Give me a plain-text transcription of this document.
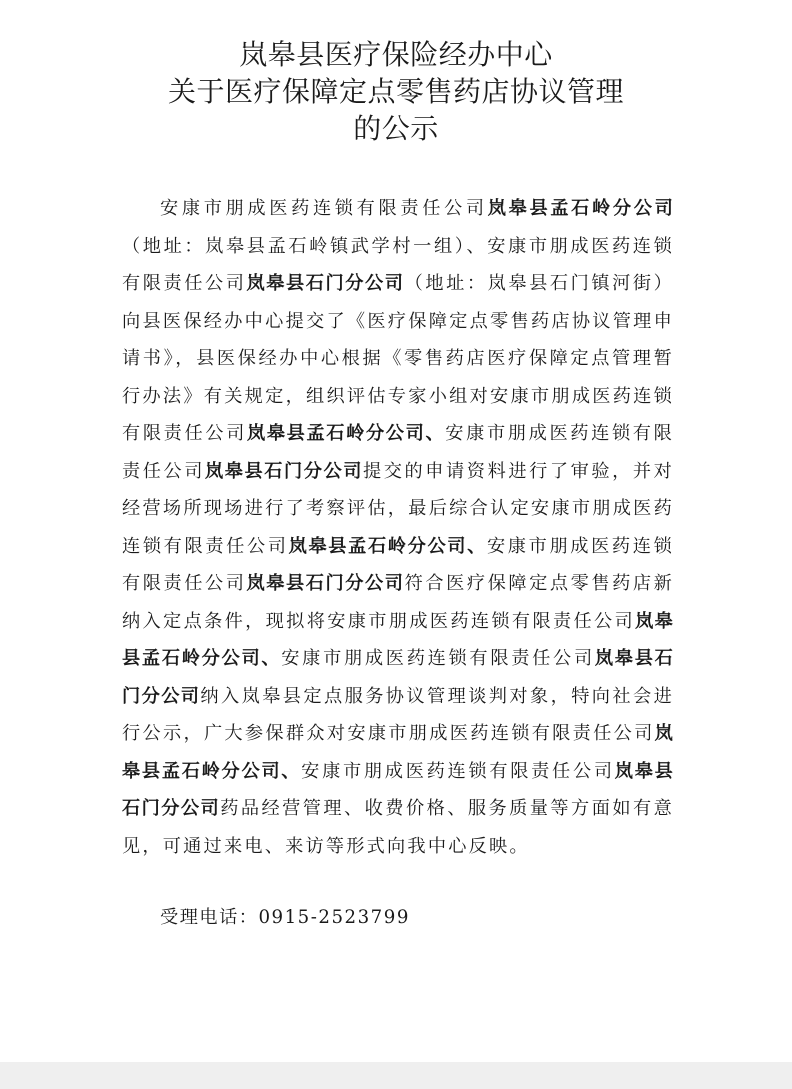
岚皋县医疗保险经办中心
关于医疗保障定点零售药店协议管理
的公示

安康市朋成医药连锁有限责任公司岚皋县孟石岭分公司（地址：岚皋县孟石岭镇武学村一组）、安康市朋成医药连锁有限责任公司岚皋县石门分公司（地址：岚皋县石门镇河街）向县医保经办中心提交了《医疗保障定点零售药店协议管理申请书》，县医保经办中心根据《零售药店医疗保障定点管理暂行办法》有关规定，组织评估专家小组对安康市朋成医药连锁有限责任公司岚皋县孟石岭分公司、安康市朋成医药连锁有限责任公司岚皋县石门分公司提交的申请资料进行了审验，并对经营场所现场进行了考察评估，最后综合认定安康市朋成医药连锁有限责任公司岚皋县孟石岭分公司、安康市朋成医药连锁有限责任公司岚皋县石门分公司符合医疗保障定点零售药店新纳入定点条件，现拟将安康市朋成医药连锁有限责任公司岚皋县孟石岭分公司、安康市朋成医药连锁有限责任公司岚皋县石门分公司纳入岚皋县定点服务协议管理谈判对象，特向社会进行公示，广大参保群众对安康市朋成医药连锁有限责任公司岚皋县孟石岭分公司、安康市朋成医药连锁有限责任公司岚皋县石门分公司药品经营管理、收费价格、服务质量等方面如有意见，可通过来电、来访等形式向我中心反映。

受理电话：0915-2523799
